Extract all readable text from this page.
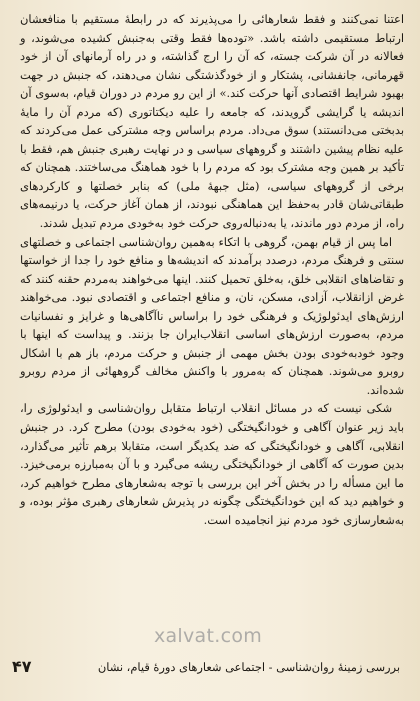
اعتنا نمی‌کنند و فقط شعارهائی را می‌پذیرند که در رابطهٔ مستقیم با منافعشان ارتباط مستقیمی داشته باشد. «توده‌ها فقط وقتی به‌جنبش کشیده می‌شوند، و فعالانه در آن شرکت جسته، که آن را ارج گذاشته، و در راه آرمانهای آن از خود قهرمانی، جانفشانی، پشتکار و از خودگذشتگی نشان می‌دهند، که جنبش در جهت بهبود شرایط اقتصادی آنها حرکت کند.» از این رو مردم در دوران قیام، به‌سوی آن اندیشه یا گرایشی گرویدند، که جامعه را علیه دیکتاتوری (که مردم آن را مایهٔ بدبختی می‌دانستند) سوق می‌داد. مردم براساس وجه مشترکی عمل می‌کردند که علیه نظام پیشین داشتند و گروههای سیاسی و در نهایت رهبری جنبش هم، فقط با تأکید بر همین وجه مشترک بود که مردم را با خود هماهنگ می‌ساختند. همچنان که برخی از گروههای سیاسی، (مثل جبههٔ ملی) که بنابر خصلتها و کارکردهای طبقاتی‌شان قادر به‌حفظ این هماهنگی نبودند، از همان آغاز حرکت، یا درنیمه‌های راه، از مردم دور ماندند، یا به‌دنباله‌روی حرکت خود به‌خودی مردم تبدیل شدند.

اما پس از قیام بهمن، گروهی با اتکاء به‌همین روان‌شناسی اجتماعی و خصلتهای سنتی و فرهنگ مردم، درصدد برآمدند که اندیشه‌ها و منافع خود را جدا از خواستها و تقاضاهای انقلابی خلق، به‌خلق تحمیل کنند. اینها می‌خواهند به‌مردم حقنه کنند که غرض ازانقلاب، آزادی، مسکن، نان، و منافع اجتماعی و اقتصادی نبود. می‌خواهند ارزش‌های ایدئولوژیک و فرهنگی خود را براساس ناآگاهی‌ها و غرایز و نفسانیات مردم، به‌صورت ارزش‌های اساسی انقلاب‌ایران جا بزنند. و پیداست که اینها با وجود خودبه‌خودی بودن بخش مهمی از جنبش و حرکت مردم، باز هم با اشکال روبرو می‌شوند. همچنان که به‌مرور با واکنش مخالف گروههائی از مردم روبرو شده‌اند.

شکی نیست که در مسائل انقلاب ارتباط متقابل روان‌شناسی و ایدئولوژی را، باید زیر عنوان آگاهی و خودانگیختگی (خود به‌خودی بودن) مطرح کرد. در جنبش انقلابی، آگاهی و خودانگیختگی که ضد یکدیگر است، متقابلا برهم تأثیر می‌گذارد، بدین صورت که آگاهی از خودانگیختگی ریشه می‌گیرد و با آن به‌مبارزه برمی‌خیزد. ما این مسأله را در بخش آخر این بررسی با توجه به‌شعارهای مطرح خواهیم کرد، و خواهیم دید که این خودانگیختگی چگونه در پذیرش شعارهای رهبری مؤثر بوده، و به‌شعارسازی خود مردم نیز انجامیده است.

xalvat.com
بررسی زمینهٔ روان‌شناسی - اجتماعی شعارهای دورهٔ قیام، نشان
۴۷
